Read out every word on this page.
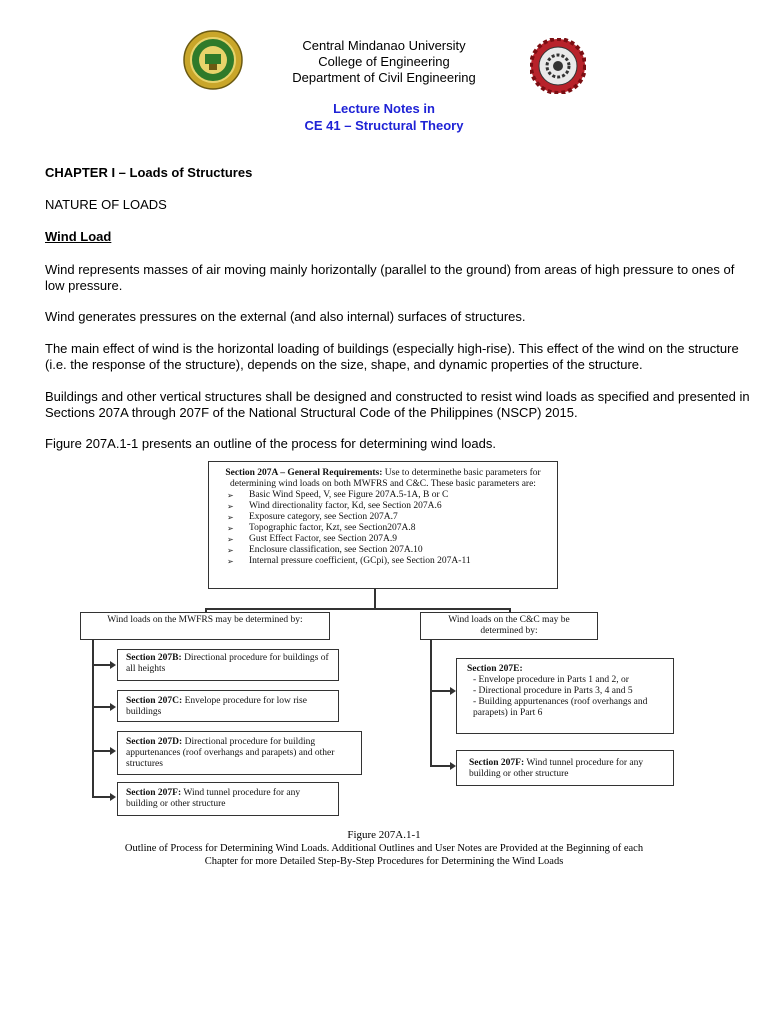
Central Mindanao University
College of Engineering
Department of Civil Engineering
Lecture Notes in
CE 41 – Structural Theory
CHAPTER I – Loads of Structures
NATURE OF LOADS
Wind Load
Wind represents masses of air moving mainly horizontally (parallel to the ground) from areas of high pressure to ones of low pressure.
Wind generates pressures on the external (and also internal) surfaces of structures.
The main effect of wind is the horizontal loading of buildings (especially high-rise). This effect of the wind on the structure (i.e. the response of the structure), depends on the size, shape, and dynamic properties of the structure.
Buildings and other vertical structures shall be designed and constructed to resist wind loads as specified and presented in Sections 207A through 207F of the National Structural Code of the Philippines (NSCP) 2015.
Figure 207A.1-1 presents an outline of the process for determining wind loads.
Section 207A – General Requirements: Use to determinethe basic parameters for determining wind loads on both MWFRS and C&C. These basic parameters are:
➢ Basic Wind Speed, V, see Figure 207A.5-1A, B or C
➢ Wind directionality factor, Kd, see Section 207A.6
➢ Exposure category, see Section 207A.7
➢ Topographic factor, Kzt, see Section207A.8
➢ Gust Effect Factor, see Section 207A.9
➢ Enclosure classification, see Section 207A.10
➢ Internal pressure coefficient, (GCpi), see Section 207A-11
Wind loads on the MWFRS may be determined by:	Wind loads on the C&C may be determined by:
Section 207B: Directional procedure for buildings of all heights
Section 207C: Envelope procedure for low rise buildings
Section 207D: Directional procedure for building appurtenances (roof overhangs and parapets) and other structures
Section 207F: Wind tunnel procedure for any building or other structure
Section 207E:
- Envelope procedure in Parts 1 and 2, or
- Directional procedure in Parts 3, 4 and 5
- Building appurtenances (roof overhangs and parapets) in Part 6
Section 207F: Wind tunnel procedure for any building or other structure
Figure 207A.1-1
Outline of Process for Determining Wind Loads. Additional Outlines and User Notes are Provided at the Beginning of each
Chapter for more Detailed Step-By-Step Procedures for Determining the Wind Loads
